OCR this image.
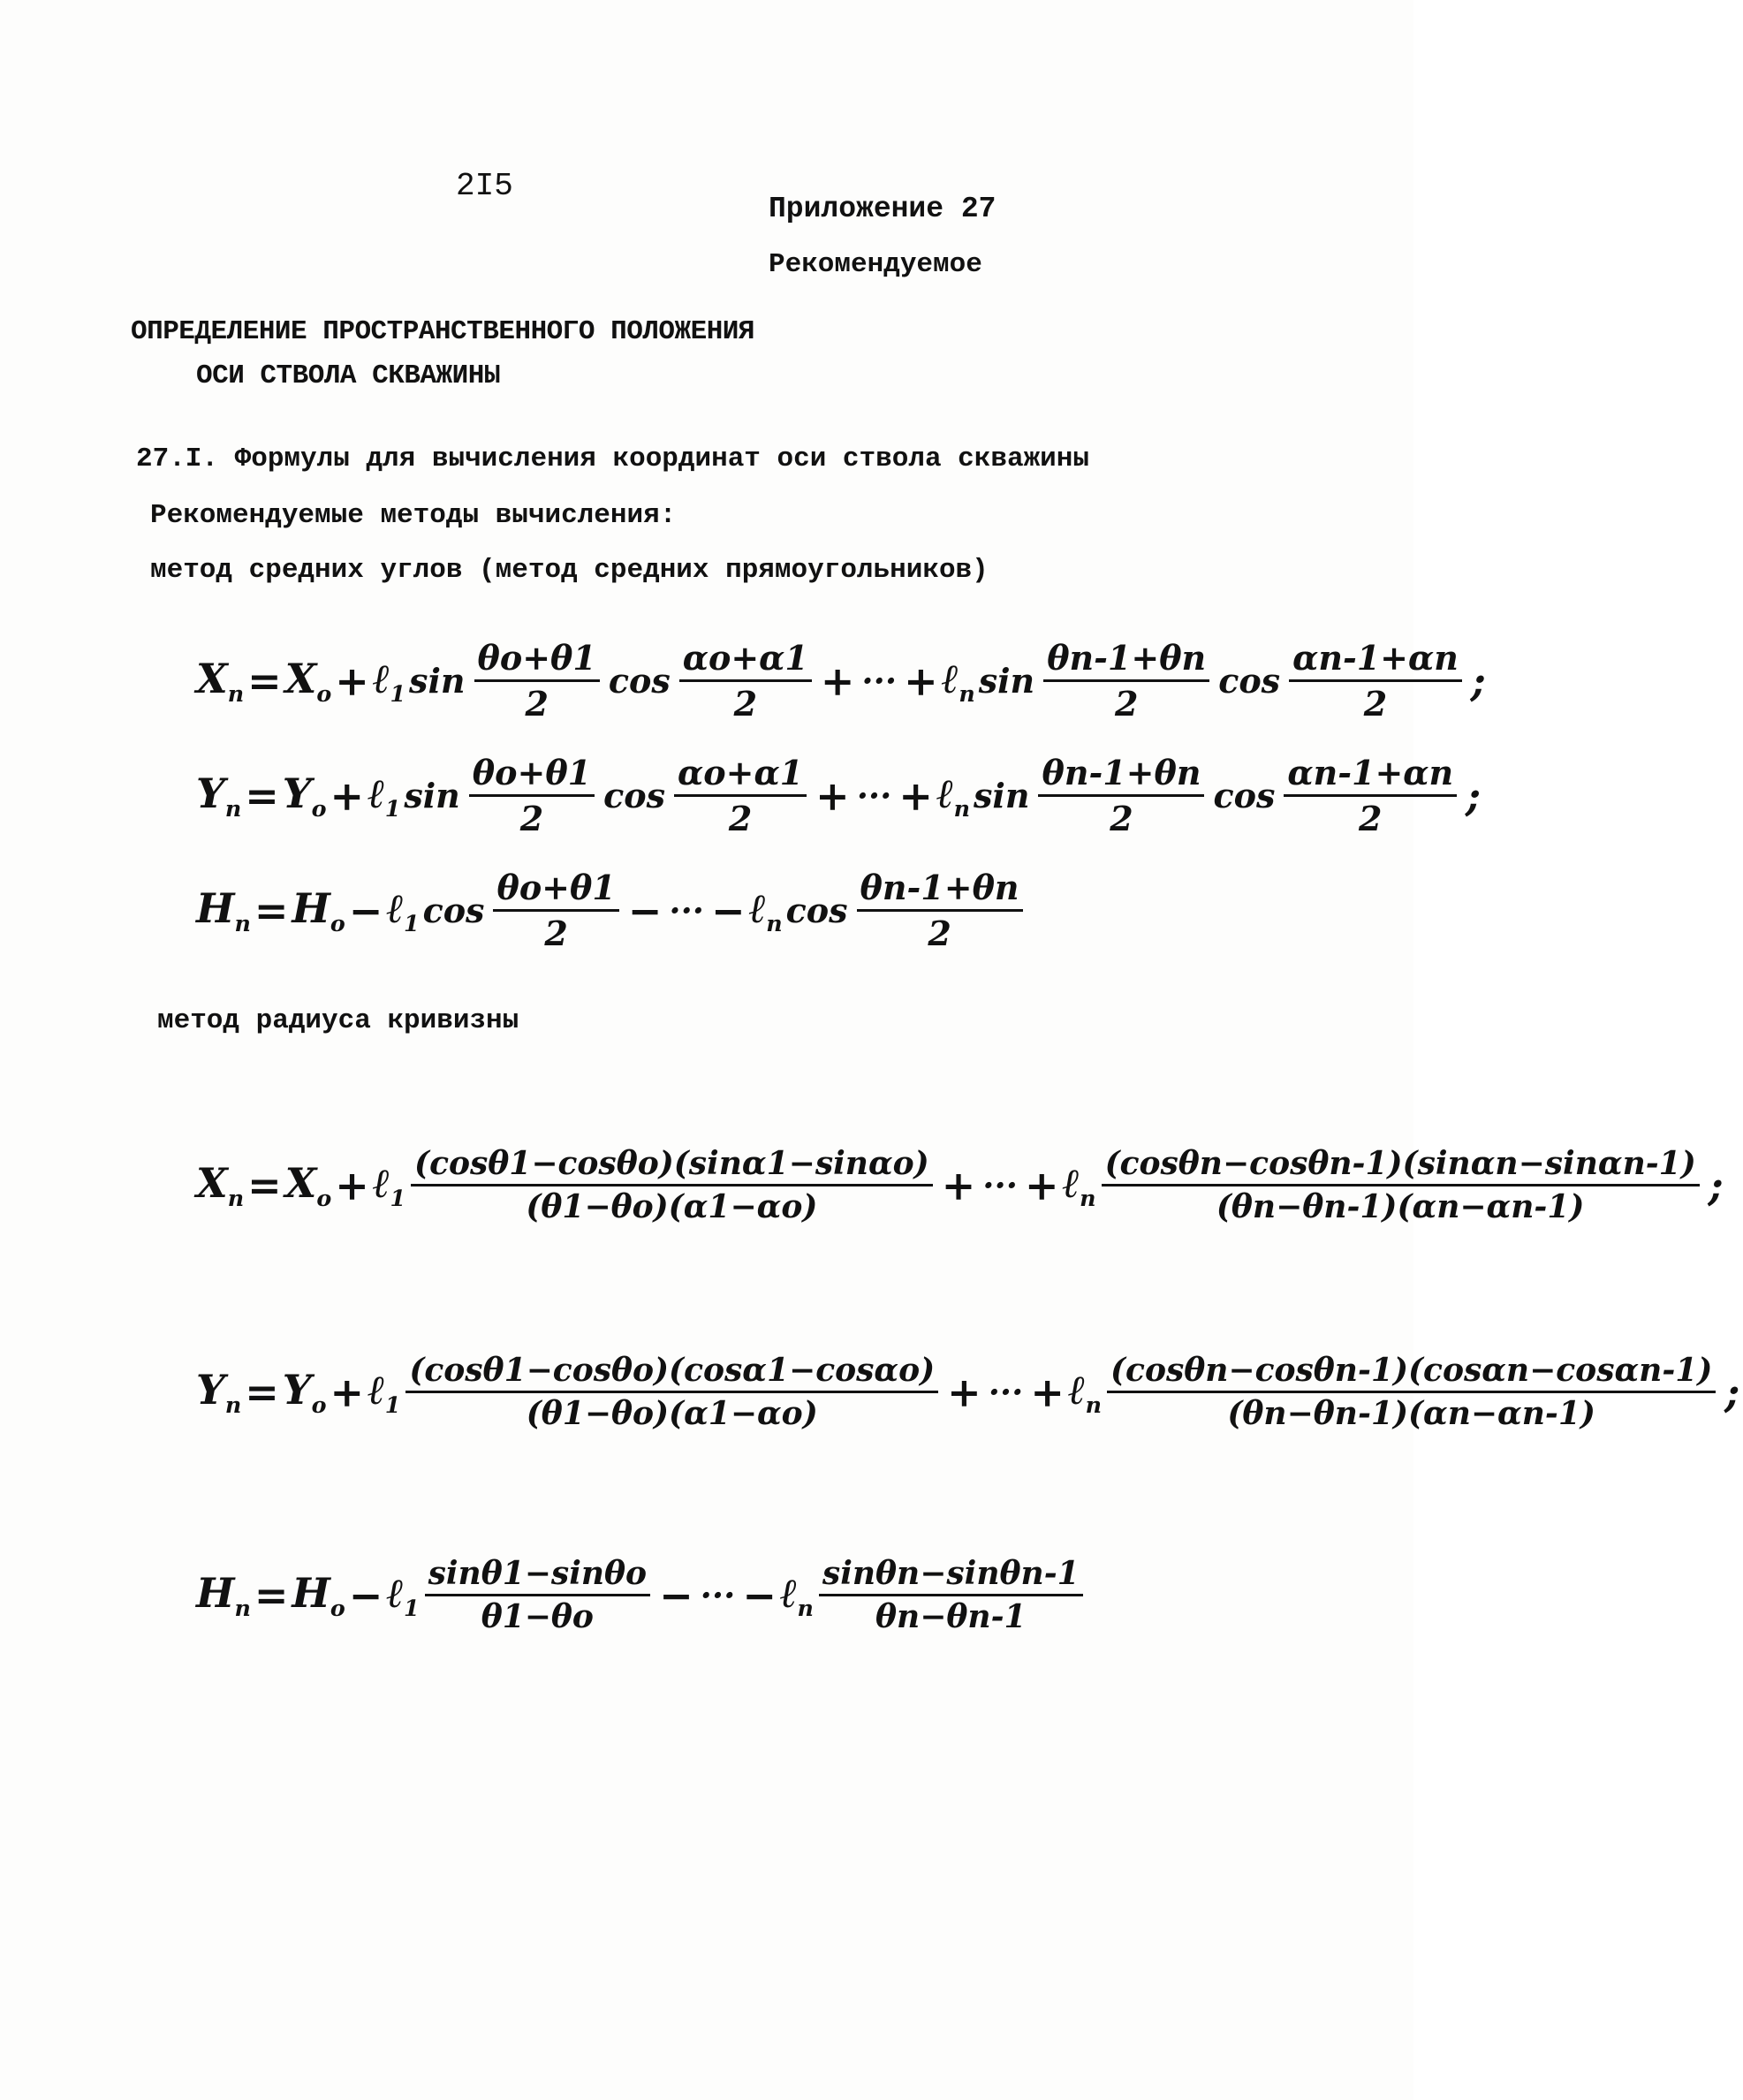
2I5
Приложение 27
Рекомендуемое
ОПРЕДЕЛЕНИЕ ПРОСТРАНСТВЕННОГО ПОЛОЖЕНИЯ
ОСИ СТВОЛА СКВАЖИНЫ
27.I. Формулы для вычисления координат оси ствола скважины
Рекомендуемые методы вычисления:
метод средних углов (метод средних прямоугольников)
$X_n = X_o$ + ℓ$_1$ $\sin \frac{\theta o+\theta 1}{2}$ $\cos \frac{\alpha o+\alpha 1}{2}$ + ··· + ℓ$_n$ $\sin \frac{\theta n-1+\theta n}{2}$ $\cos \frac{\alpha n-1+\alpha n}{2}$ ;
$Y_n = Y_o$ + ℓ$_1$ $\sin \frac{\theta o+\theta 1}{2}$ $\cos \frac{\alpha o+\alpha 1}{2}$ + ··· + ℓ$_n$ $\sin \frac{\theta n-1+\theta n}{2}$ $\cos \frac{\alpha n-1+\alpha n}{2}$ ;
$H_n = H_o$ − ℓ$_1$ $\cos \frac{\theta o+\theta 1}{2}$ − ··· − ℓ$_n$ $\cos \frac{\theta n-1+\theta n}{2}$
метод радиуса кривизны
$X_n = X_o$ + ℓ$_1$ $\frac{(\cos\theta 1-\cos\theta o)(\sin\alpha 1-\sin\alpha o)}{(\theta 1-\theta o)(\alpha 1-\alpha o)}$ + ··· + ℓ$_n$ $\frac{(\cos\theta n-\cos\theta n-1)(\sin\alpha n-\sin\alpha n-1)}{(\theta n-\theta n-1)(\alpha n-\alpha n-1)}$ ;
$Y_n = Y_o$ + ℓ$_1$ $\frac{(\cos\theta 1-\cos\theta o)(\cos\alpha 1-\cos\alpha o)}{(\theta 1-\theta o)(\alpha 1-\alpha o)}$ + ··· + ℓ$_n$ $\frac{(\cos\theta n-\cos\theta n-1)(\cos\alpha n-\cos\alpha n-1)}{(\theta n-\theta n-1)(\alpha n-\alpha n-1)}$ ;
$H_n = H_o$ − ℓ$_1$ $\frac{\sin\theta 1-\sin\theta o}{\theta 1-\theta o}$ − ··· − ℓ$_n$ $\frac{\sin\theta n-\sin\theta n-1}{\theta n-\theta n-1}$
